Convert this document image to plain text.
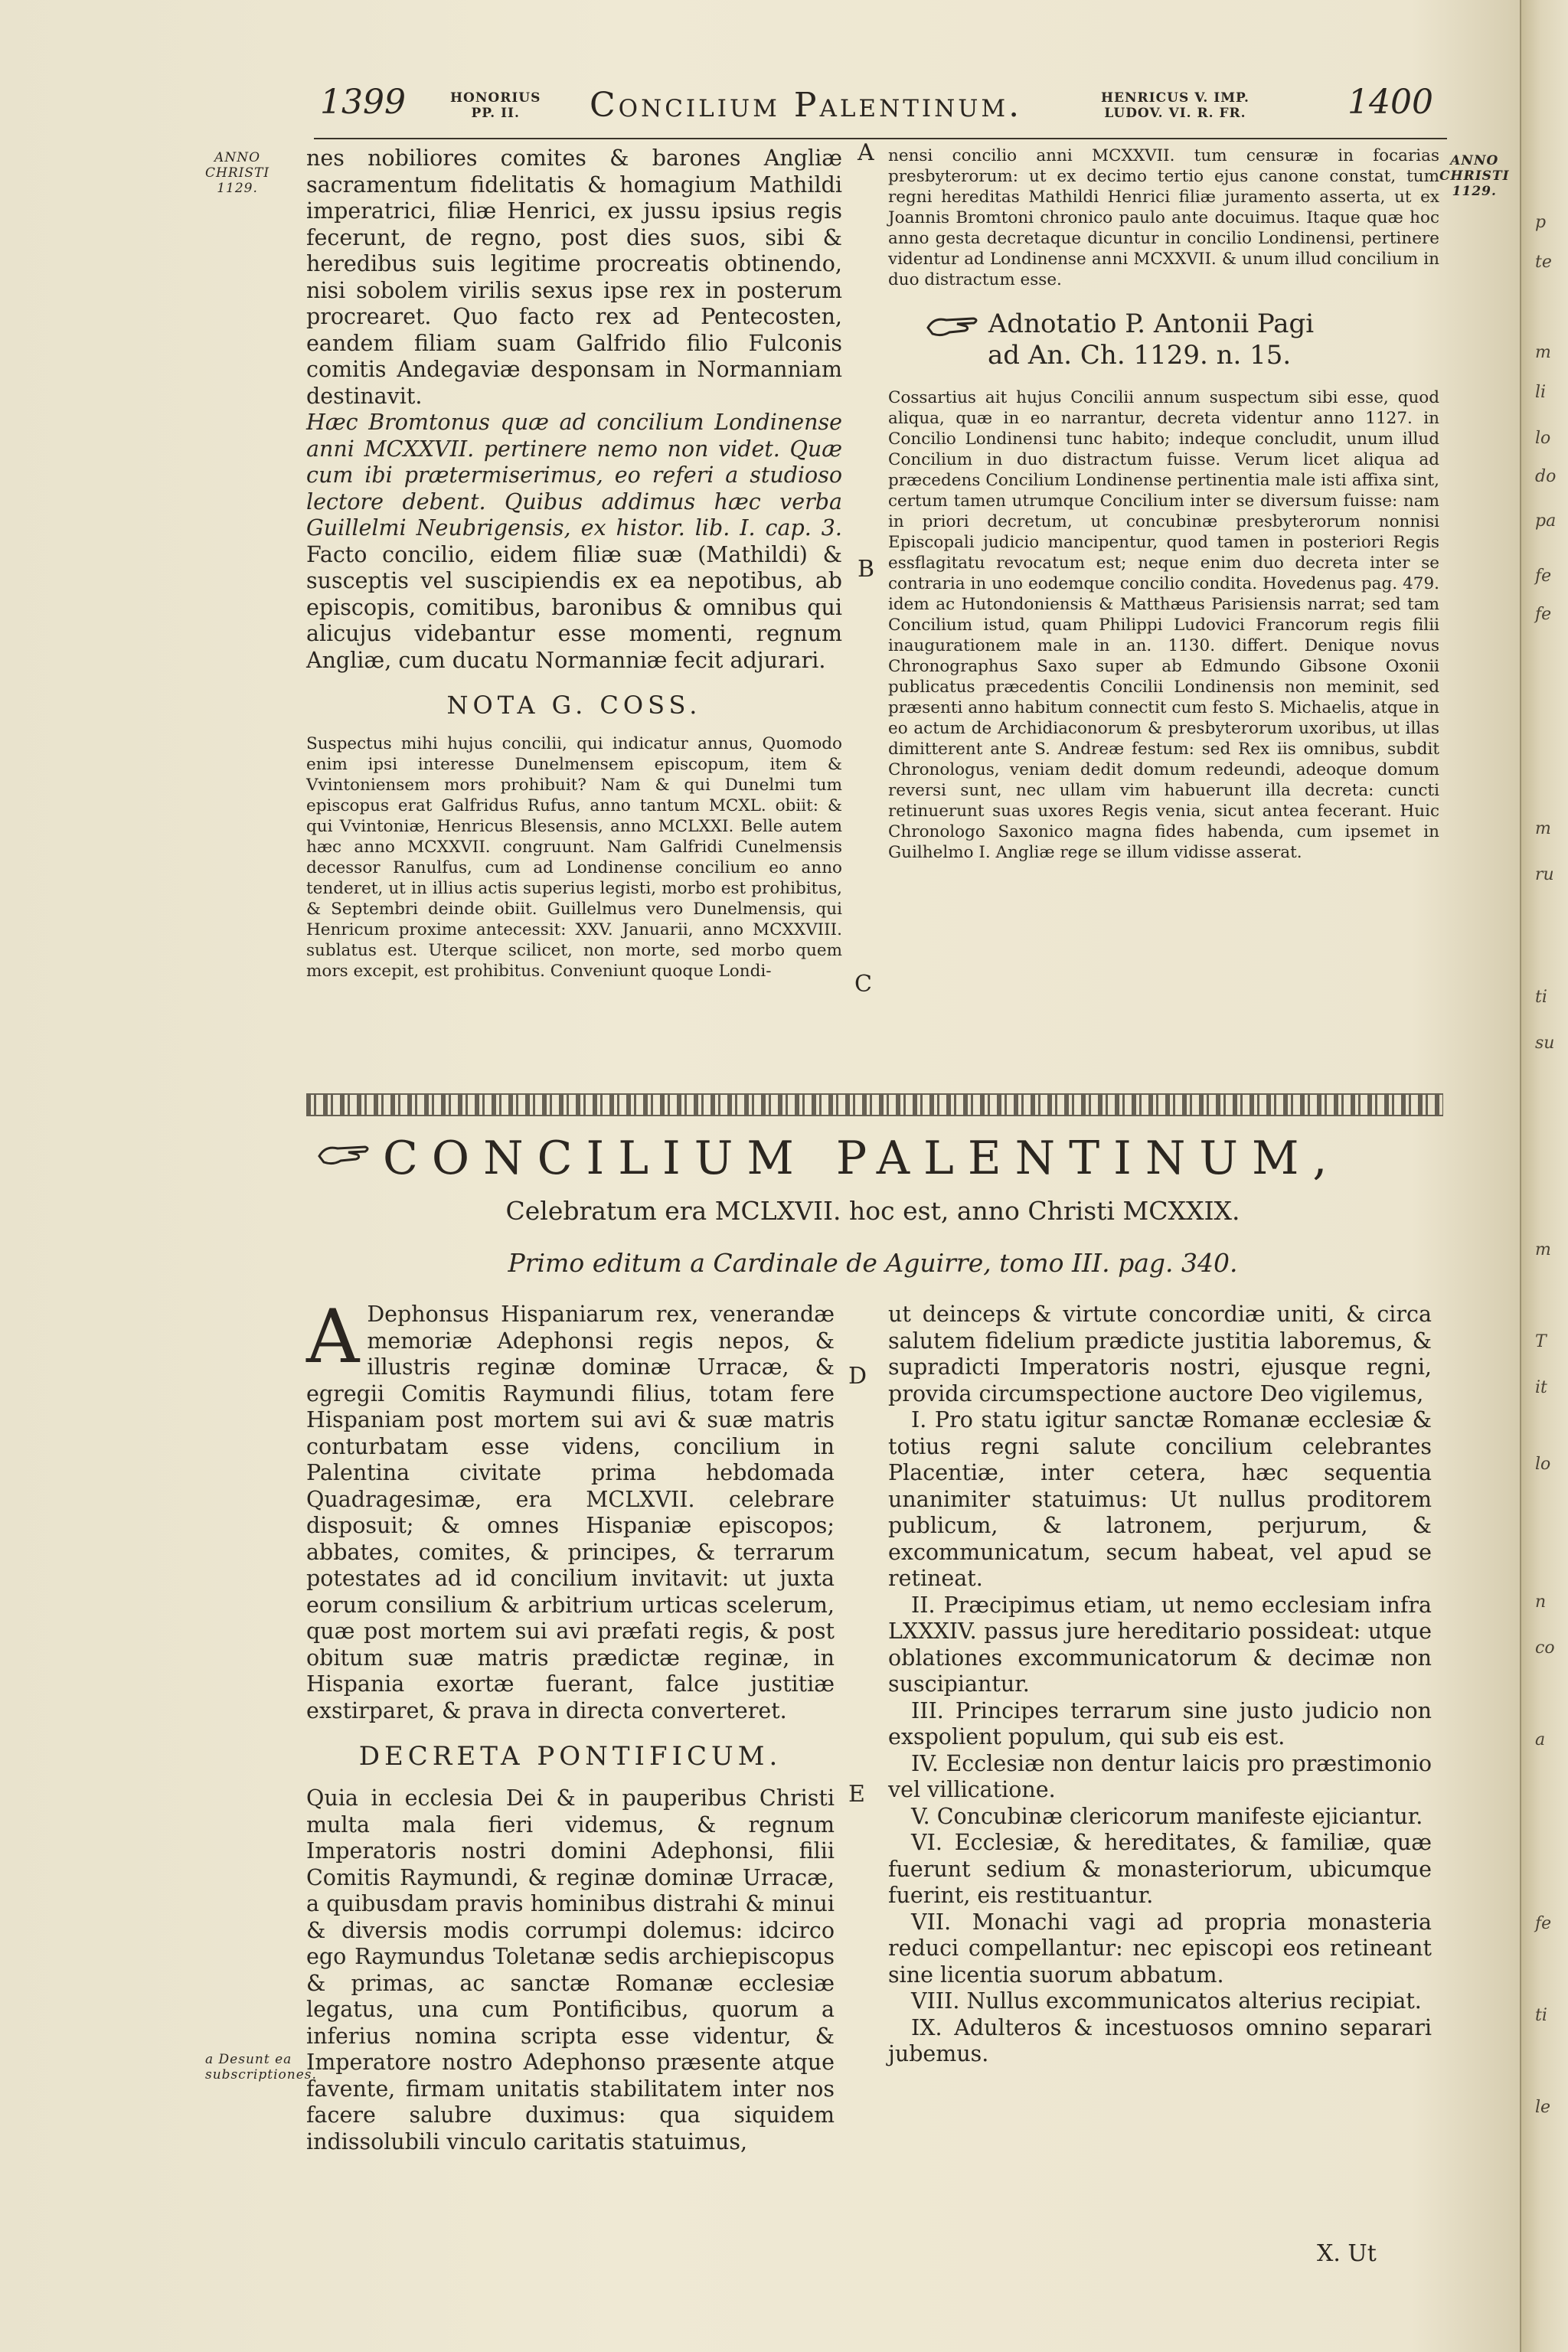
1399	HONORIUS
PP. II.	Concilium Palentinum.	HENRICUS V. IMP.
LUDOV. VI. R. FR.	1400
ANNO
CHRISTI
1129.
ANNO
CHRISTI
1129.
A
B
C
D
E
a Desunt ea
subscriptiones.

nes nobiliores comites & barones Angliæ sacramentum fidelitatis & homagium Mathildi imperatrici, filiæ Henrici, ex jussu ipsius regis fecerunt, de regno, post dies suos, sibi & heredibus suis legitime procreatis obtinendo, nisi sobolem virilis sexus ipse rex in posterum procrearet. Quo facto rex ad Pentecosten, eandem filiam suam Galfrido filio Fulconis comitis Andegaviæ desponsam in Normanniam destinavit.

Hæc Bromtonus quæ ad concilium Londinense anni MCXXVII. pertinere nemo non videt. Quæ cum ibi prætermiserimus, eo referi a studioso lectore debent. Quibus addimus hæc verba Guillelmi Neubrigensis, ex histor. lib. I. cap. 3. Facto concilio, eidem filiæ suæ (Mathildi) & susceptis vel suscipiendis ex ea nepotibus, ab episcopis, comitibus, baronibus & omnibus qui alicujus videbantur esse momenti, regnum Angliæ, cum ducatu Normanniæ fecit adjurari.

NOTA G. COSS.

Suspectus mihi hujus concilii, qui indicatur annus, Quomodo enim ipsi interesse Dunelmensem episcopum, item & Vvintoniensem mors prohibuit? Nam & qui Dunelmi tum episcopus erat Galfridus Rufus, anno tantum MCXL. obiit: & qui Vvintoniæ, Henricus Blesensis, anno MCLXXI. Belle autem hæc anno MCXXVII. congruunt. Nam Galfridi Cunelmensis decessor Ranulfus, cum ad Londinense concilium eo anno tenderet, ut in illius actis superius legisti, morbo est prohibitus, & Septembri deinde obiit. Guillelmus vero Dunelmensis, qui Henricum proxime antecessit: XXV. Januarii, anno MCXXVIII. sublatus est. Uterque scilicet, non morte, sed morbo quem mors excepit, est prohibitus. Conveniunt quoque Londi-

nensi concilio anni MCXXVII. tum censuræ in focarias presbyterorum: ut ex decimo tertio ejus canone constat, tum regni hereditas Mathildi Henrici filiæ juramento asserta, ut ex Joannis Bromtoni chronico paulo ante docuimus. Itaque quæ hoc anno gesta decretaque dicuntur in concilio Londinensi, pertinere videntur ad Londinense anni MCXXVII. & unum illud concilium in duo distractum esse.

Adnotatio P. Antonii Pagi
ad An. Ch. 1129. n. 15.

Cossartius ait hujus Concilii annum suspectum sibi esse, quod aliqua, quæ in eo narrantur, decreta videntur anno 1127. in Concilio Londinensi tunc habito; indeque concludit, unum illud Concilium in duo distractum fuisse. Verum licet aliqua ad præcedens Concilium Londinense pertinentia male isti affixa sint, certum tamen utrumque Concilium inter se diversum fuisse: nam in priori decretum, ut concubinæ presbyterorum nonnisi Episcopali judicio mancipentur, quod tamen in posteriori Regis essflagitatu revocatum est; neque enim duo decreta inter se contraria in uno eodemque concilio condita. Hovedenus pag. 479. idem ac Hutondoniensis & Matthæus Parisiensis narrat; sed tam Concilium istud, quam Philippi Ludovici Francorum regis filii inaugurationem male in an. 1130. differt. Denique novus Chronographus Saxo super ab Edmundo Gibsone Oxonii publicatus præcedentis Concilii Londinensis non meminit, sed præsenti anno habitum connectit cum festo S. Michaelis, atque in eo actum de Archidiaconorum & presbyterorum uxoribus, ut illas dimitterent ante S. Andreæ festum: sed Rex iis omnibus, subdit Chronologus, veniam dedit domum redeundi, adeoque domum reversi sunt, nec ullam vim habuerunt illa decreta: cuncti retinuerunt suas uxores Regis venia, sicut antea fecerant. Huic Chronologo Saxonico magna fides habenda, cum ipsemet in Guilhelmo I. Angliæ rege se illum vidisse asserat.

CONCILIUM PALENTINUM,
Celebratum era MCLXVII. hoc est, anno Christi MCXXIX.
Primo editum a Cardinale de Aguirre, tomo III. pag. 340.

A Dephonsus Hispaniarum rex, venerandæ memoriæ Adephonsi regis nepos, & illustris reginæ dominæ Urracæ, & egregii Comitis Raymundi filius, totam fere Hispaniam post mortem sui avi & suæ matris conturbatam esse videns, concilium in Palentina civitate prima hebdomada Quadragesimæ, era MCLXVII. celebrare disposuit; & omnes Hispaniæ episcopos; abbates, comites, & principes, & terrarum potestates ad id concilium invitavit: ut juxta eorum consilium & arbitrium urticas scelerum, quæ post mortem sui avi præfati regis, & post obitum suæ matris prædictæ reginæ, in Hispania exortæ fuerant, falce justitiæ exstirparet, & prava in directa converteret.

DECRETA PONTIFICUM.

Quia in ecclesia Dei & in pauperibus Christi multa mala fieri videmus, & regnum Imperatoris nostri domini Adephonsi, filii Comitis Raymundi, & reginæ dominæ Urracæ, a quibusdam pravis hominibus distrahi & minui & diversis modis corrumpi dolemus: idcirco ego Raymundus Toletanæ sedis archiepiscopus & primas, ac sanctæ Romanæ ecclesiæ legatus, una cum Pontificibus, quorum a inferius nomina scripta esse videntur, & Imperatore nostro Adephonso præsente atque favente, firmam unitatis stabilitatem inter nos facere salubre duximus: qua siquidem indissolubili vinculo caritatis statuimus,

ut deinceps & virtute concordiæ uniti, & circa salutem fidelium prædicte justitia laboremus, & supradicti Imperatoris nostri, ejusque regni, provida circumspectione auctore Deo vigilemus,

I. Pro statu igitur sanctæ Romanæ ecclesiæ & totius regni salute concilium celebrantes Placentiæ, inter cetera, hæc sequentia unanimiter statuimus: Ut nullus proditorem publicum, & latronem, perjurum, & excommunicatum, secum habeat, vel apud se retineat.

II. Præcipimus etiam, ut nemo ecclesiam infra LXXXIV. passus jure hereditario possideat: utque oblationes excommunicatorum & decimæ non suscipiantur.

III. Principes terrarum sine justo judicio non exspolient populum, qui sub eis est.

IV. Ecclesiæ non dentur laicis pro præstimonio vel villicatione.

V. Concubinæ clericorum manifeste ejiciantur.

VI. Ecclesiæ, & hereditates, & familiæ, quæ fuerunt sedium & monasteriorum, ubicumque fuerint, eis restituantur.

VII. Monachi vagi ad propria monasteria reduci compellantur: nec episcopi eos retineant sine licentia suorum abbatum.

VIII. Nullus excommunicatos alterius recipiat.

IX. Adulteros & incestuosos omnino separari jubemus.

X. Ut
p
te
m
li
lo
do
pa
fe
fe
m
ru
ti
su
m
T
it
lo
n
co
a
fe
ti
le
